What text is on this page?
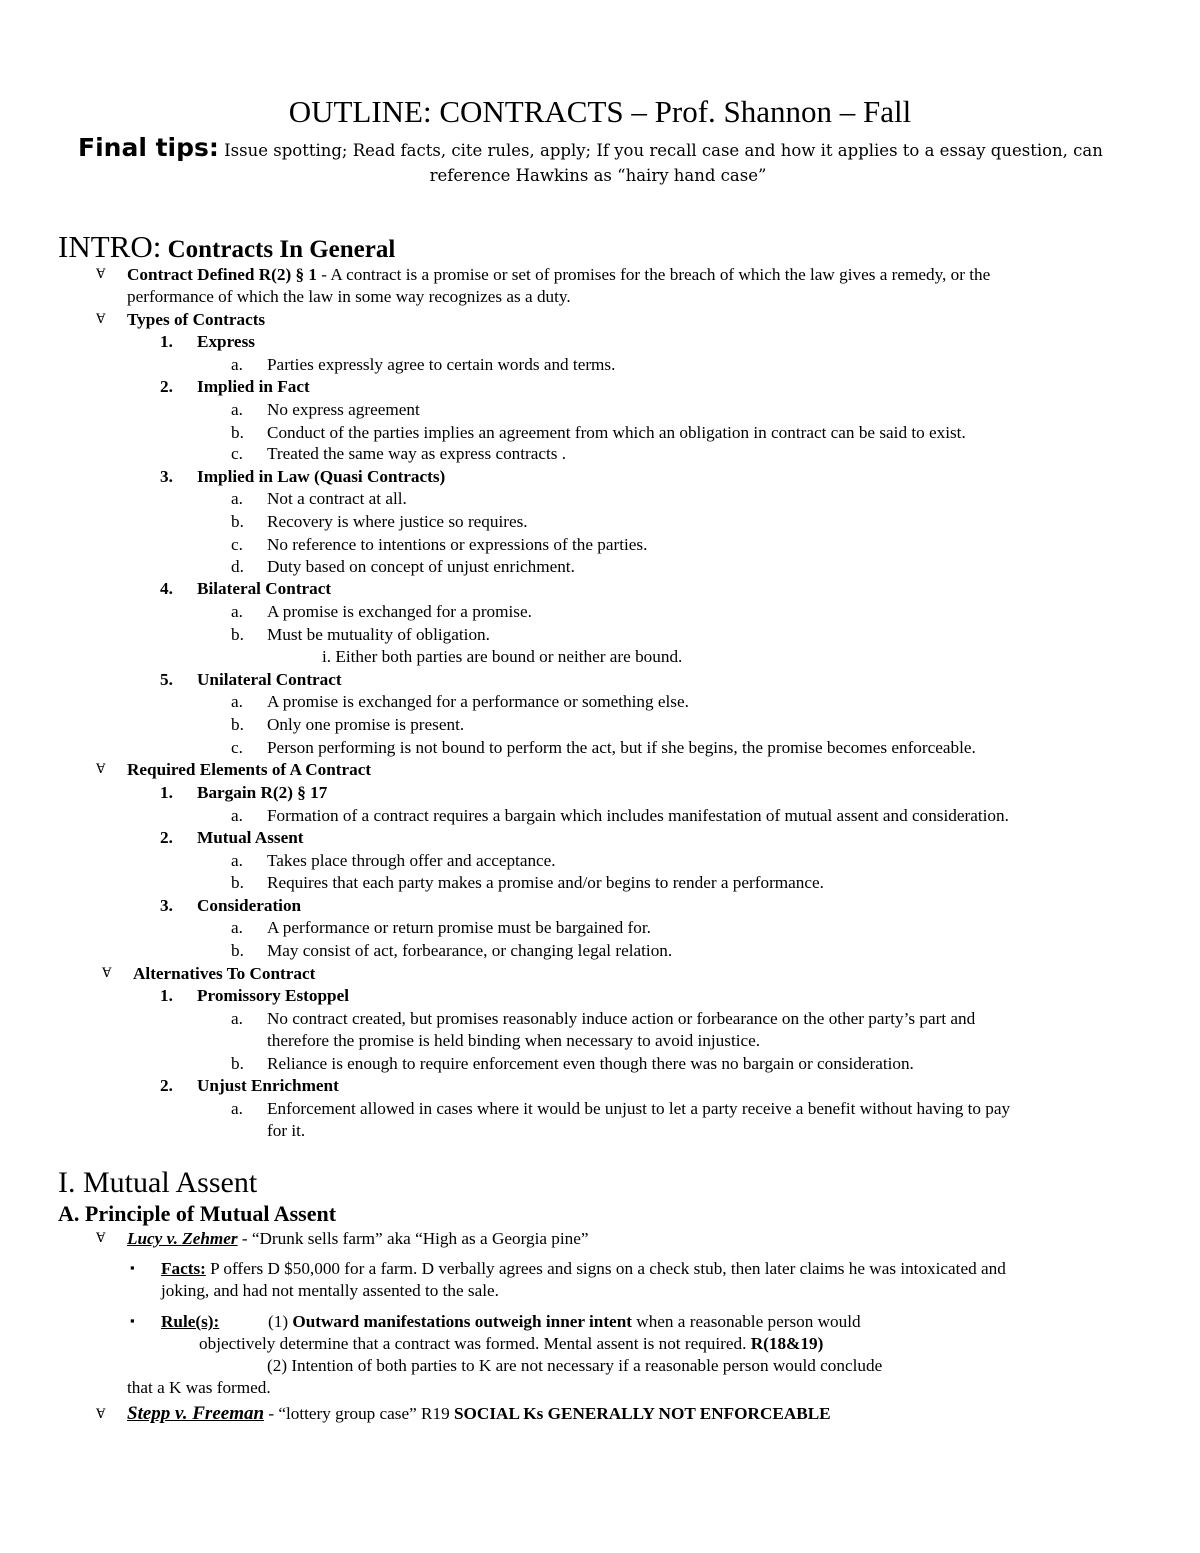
OUTLINE: CONTRACTS – Prof. Shannon – Fall
Final tips: Issue spotting; Read facts, cite rules, apply; If you recall case and how it applies to a essay question, can
reference Hawkins as “hairy hand case”
INTRO: Contracts In General
Ɐ Contract Defined R(2) § 1 - A contract is a promise or set of promises for the breach of which the law gives a remedy, or the
performance of which the law in some way recognizes as a duty.
Ɐ Types of Contracts
1. Express
a. Parties expressly agree to certain words and terms.
2. Implied in Fact
a. No express agreement
b. Conduct of the parties implies an agreement from which an obligation in contract can be said to exist.
c. Treated the same way as express contracts .
3. Implied in Law (Quasi Contracts)
a. Not a contract at all.
b. Recovery is where justice so requires.
c. No reference to intentions or expressions of the parties.
d. Duty based on concept of unjust enrichment.
4. Bilateral Contract
a. A promise is exchanged for a promise.
b. Must be mutuality of obligation.
i. Either both parties are bound or neither are bound.
5. Unilateral Contract
a. A promise is exchanged for a performance or something else.
b. Only one promise is present.
c. Person performing is not bound to perform the act, but if she begins, the promise becomes enforceable.
Ɐ Required Elements of A Contract
1. Bargain R(2) § 17
a. Formation of a contract requires a bargain which includes manifestation of mutual assent and consideration.
2. Mutual Assent
a. Takes place through offer and acceptance.
b. Requires that each party makes a promise and/or begins to render a performance.
3. Consideration
a. A performance or return promise must be bargained for.
b. May consist of act, forbearance, or changing legal relation.
Ɐ Alternatives To Contract
1. Promissory Estoppel
a. No contract created, but promises reasonably induce action or forbearance on the other party’s part and
therefore the promise is held binding when necessary to avoid injustice.
b. Reliance is enough to require enforcement even though there was no bargain or consideration.
2. Unjust Enrichment
a. Enforcement allowed in cases where it would be unjust to let a party receive a benefit without having to pay
for it.
I. Mutual Assent
A. Principle of Mutual Assent
Ɐ Lucy v. Zehmer - “Drunk sells farm” aka “High as a Georgia pine”
▪ Facts: P offers D $50,000 for a farm. D verbally agrees and signs on a check stub, then later claims he was intoxicated and
joking, and had not mentally assented to the sale.
▪ Rule(s):	(1) Outward manifestations outweigh inner intent when a reasonable person would
objectively determine that a contract was formed. Mental assent is not required. R(18&19)
(2) Intention of both parties to K are not necessary if a reasonable person would conclude
that a K was formed.
Ɐ Stepp v. Freeman - “lottery group case” R19 SOCIAL Ks GENERALLY NOT ENFORCEABLE
